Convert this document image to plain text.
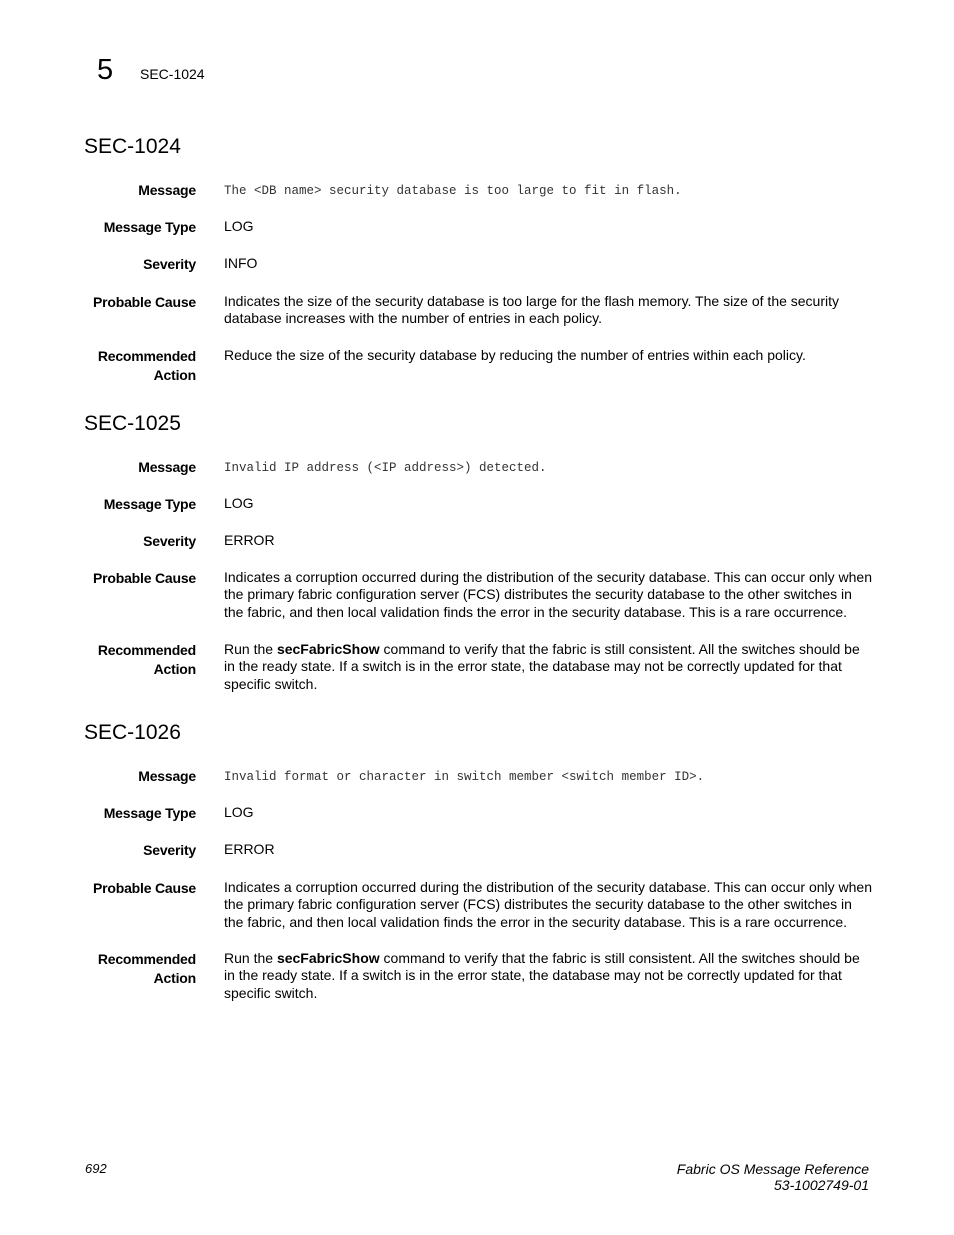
5 SEC-1024
SEC-1024
Message The <DB name> security database is too large to fit in flash.
Message Type LOG
Severity INFO
Probable Cause Indicates the size of the security database is too large for the flash memory. The size of the security database increases with the number of entries in each policy.
Recommended
Action
Reduce the size of the security database by reducing the number of entries within each policy.
SEC-1025
Message Invalid IP address (<IP address>) detected.
Message Type LOG
Severity ERROR
Probable Cause Indicates a corruption occurred during the distribution of the security database. This can occur only when the primary fabric configuration server (FCS) distributes the security database to the other switches in the fabric, and then local validation finds the error in the security database. This is a rare occurrence.
Recommended
Action
Run the secFabricShow command to verify that the fabric is still consistent. All the switches should be in the ready state. If a switch is in the error state, the database may not be correctly updated for that specific switch.
SEC-1026
Message Invalid format or character in switch member <switch member ID>.
Message Type LOG
Severity ERROR
Probable Cause Indicates a corruption occurred during the distribution of the security database. This can occur only when the primary fabric configuration server (FCS) distributes the security database to the other switches in the fabric, and then local validation finds the error in the security database. This is a rare occurrence.
Recommended
Action
Run the secFabricShow command to verify that the fabric is still consistent. All the switches should be in the ready state. If a switch is in the error state, the database may not be correctly updated for that specific switch.
692	Fabric OS Message Reference
53-1002749-01
